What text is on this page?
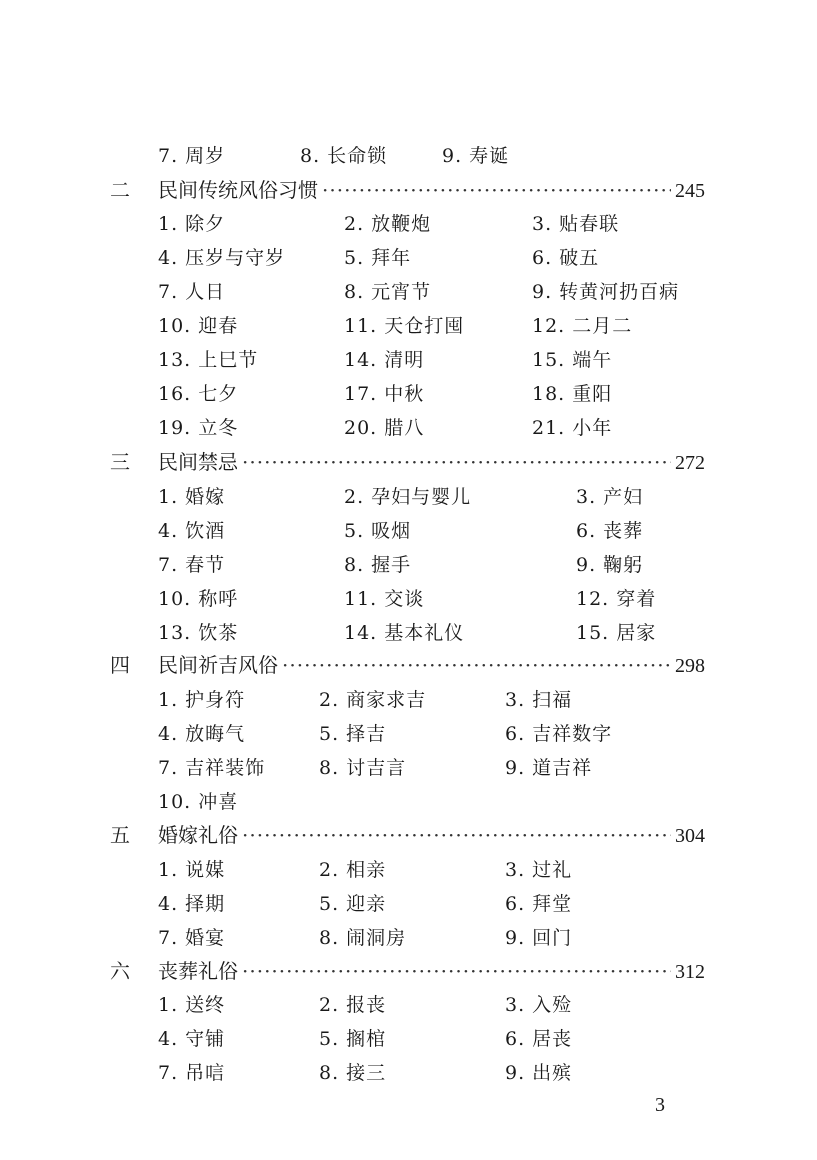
7. 周岁	8. 长命锁	9. 寿诞
二 民间传统风俗习惯 ·····	245
1. 除夕	2. 放鞭炮	3. 贴春联
4. 压岁与守岁	5. 拜年	6. 破五
7. 人日	8. 元宵节	9. 转黄河扔百病
10. 迎春	11. 天仓打囤	12. 二月二
13. 上巳节	14. 清明	15. 端午
16. 七夕	17. 中秋	18. 重阳
19. 立冬	20. 腊八	21. 小年
三 民间禁忌 ·····	272
1. 婚嫁	2. 孕妇与婴儿	3. 产妇
4. 饮酒	5. 吸烟	6. 丧葬
7. 春节	8. 握手	9. 鞠躬
10. 称呼	11. 交谈	12. 穿着
13. 饮茶	14. 基本礼仪	15. 居家
四 民间祈吉风俗 ·····	298
1. 护身符	2. 商家求吉	3. 扫福
4. 放晦气	5. 择吉	6. 吉祥数字
7. 吉祥装饰	8. 讨吉言	9. 道吉祥
10. 冲喜
五 婚嫁礼俗 ·····	304
1. 说媒	2. 相亲	3. 过礼
4. 择期	5. 迎亲	6. 拜堂
7. 婚宴	8. 闹洞房	9. 回门
六 丧葬礼俗 ·····	312
1. 送终	2. 报丧	3. 入殓
4. 守铺	5. 搁棺	6. 居丧
7. 吊唁	8. 接三	9. 出殡
3
